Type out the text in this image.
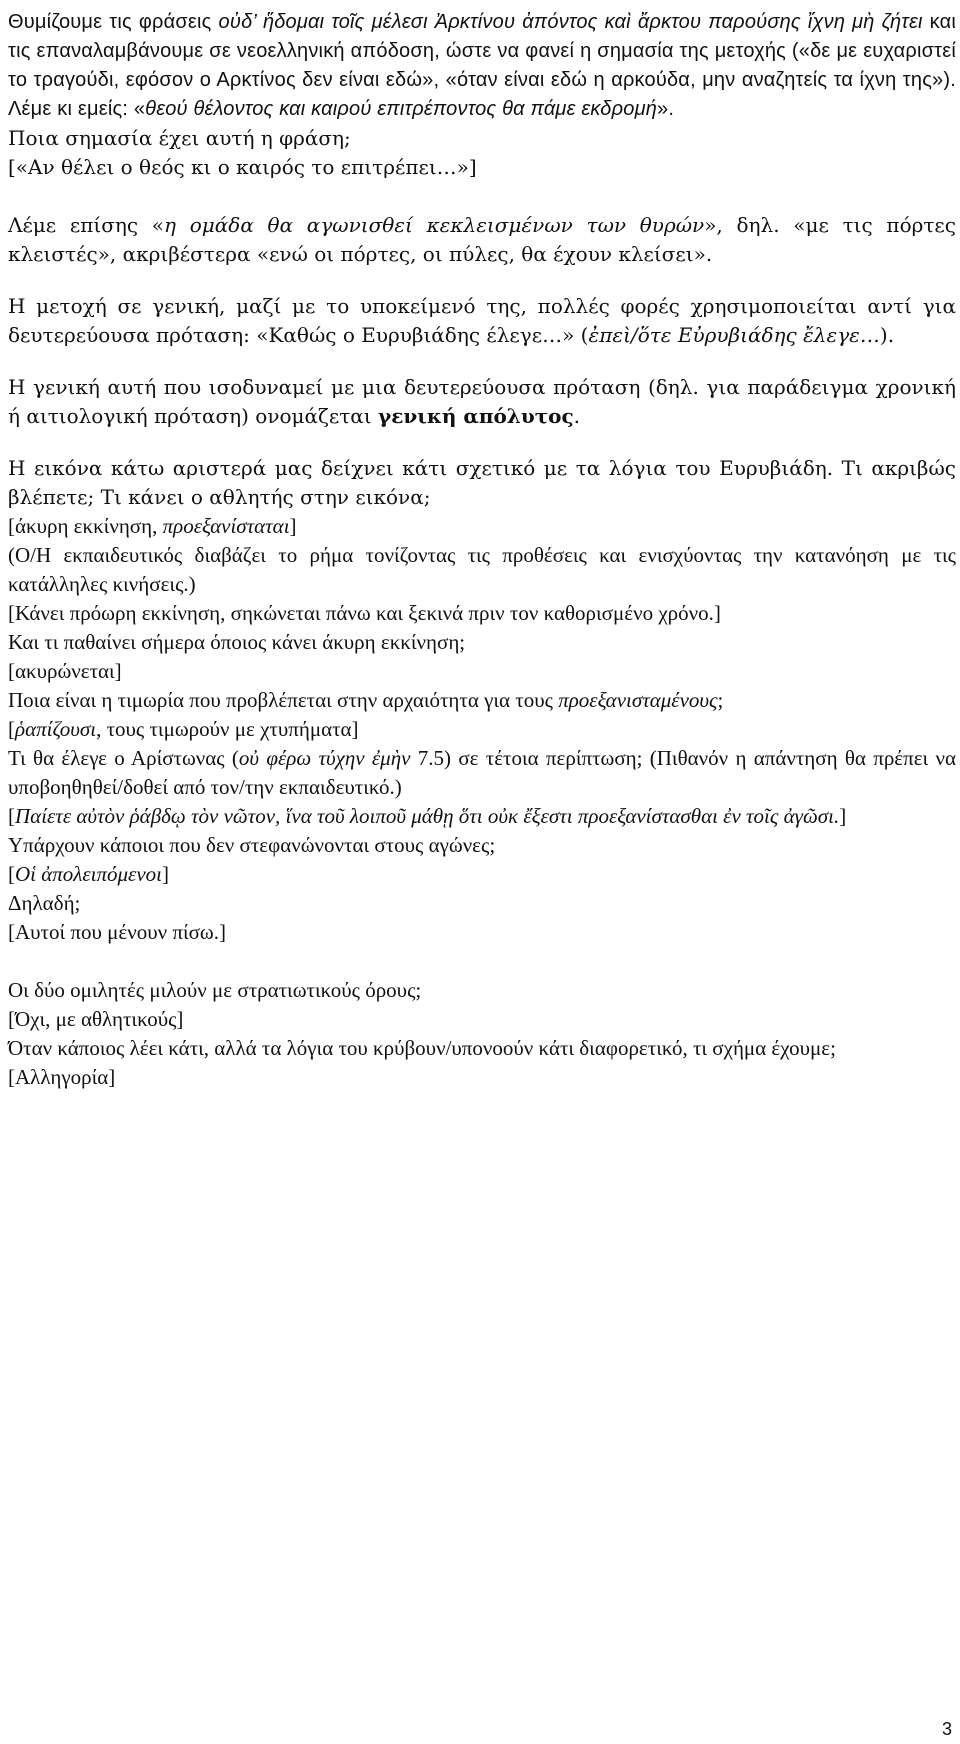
Θυμίζουμε τις φράσεις οὐδ’ ἥδομαι τοῖς μέλεσι Ἀρκτίνου ἀπόντος καὶ ἄρκτου παρούσης ἴχνη μὴ ζήτει και τις επαναλαμβάνουμε σε νεοελληνική απόδοση, ώστε να φανεί η σημασία της μετοχής («δε με ευχαριστεί το τραγούδι, εφόσον ο Αρκτίνος δεν είναι εδώ», «όταν είναι εδώ η αρκούδα, μην αναζητείς τα ίχνη της»). Λέμε κι εμείς: «θεού θέλοντος και καιρού επιτρέποντος θα πάμε εκδρομή».

Ποια σημασία έχει αυτή η φράση;

[«Αν θέλει ο θεός κι ο καιρός το επιτρέπει…»]

Λέμε επίσης «η ομάδα θα αγωνισθεί κεκλεισμένων των θυρών», δηλ. «με τις πόρτες κλειστές», ακριβέστερα «ενώ οι πόρτες, οι πύλες, θα έχουν κλείσει».

Η μετοχή σε γενική, μαζί με το υποκείμενό της, πολλές φορές χρησιμοποιείται αντί για δευτερεύουσα πρόταση: «Καθώς ο Ευρυβιάδης έλεγε…» (ἐπεὶ/ὅτε Εὐρυβιάδης ἔλεγε…).

Η γενική αυτή που ισοδυναμεί με μια δευτερεύουσα πρόταση (δηλ. για παράδειγμα χρονική ή αιτιολογική πρόταση) ονομάζεται γενική απόλυτος.

Η εικόνα κάτω αριστερά μας δείχνει κάτι σχετικό με τα λόγια του Ευρυβιάδη. Τι ακριβώς βλέπετε; Τι κάνει ο αθλητής στην εικόνα;

[άκυρη εκκίνηση, προεξανίσταται]

(Ο/Η εκπαιδευτικός διαβάζει το ρήμα τονίζοντας τις προθέσεις και ενισχύοντας την κατανόηση με τις κατάλληλες κινήσεις.)

[Κάνει πρόωρη εκκίνηση, σηκώνεται πάνω και ξεκινά πριν τον καθορισμένο χρόνο.]

Και τι παθαίνει σήμερα όποιος κάνει άκυρη εκκίνηση;

[ακυρώνεται]

Ποια είναι η τιμωρία που προβλέπεται στην αρχαιότητα για τους προεξανισταμένους;

[ῥαπίζουσι, τους τιμωρούν με χτυπήματα]

Τι θα έλεγε ο Αρίστωνας (οὐ φέρω τύχην ἐμὴν 7.5) σε τέτοια περίπτωση; (Πιθανόν η απάντηση θα πρέπει να υποβοηθηθεί/δοθεί από τον/την εκπαιδευτικό.)

[Παίετε αὐτὸν ῥάβδῳ τὸν νῶτον, ἵνα τοῦ λοιποῦ μάθῃ ὅτι οὐκ ἔξεστι προεξανίστασθαι ἐν τοῖς ἀγῶσι.]

Υπάρχουν κάποιοι που δεν στεφανώνονται στους αγώνες;

[Οἱ ἀπολειπόμενοι]

Δηλαδή;

[Αυτοί που μένουν πίσω.]

Οι δύο ομιλητές μιλούν με στρατιωτικούς όρους;

[Όχι, με αθλητικούς]

Όταν κάποιος λέει κάτι, αλλά τα λόγια του κρύβουν/υπονοούν κάτι διαφορετικό, τι σχήμα έχουμε;

[Αλληγορία]

3
